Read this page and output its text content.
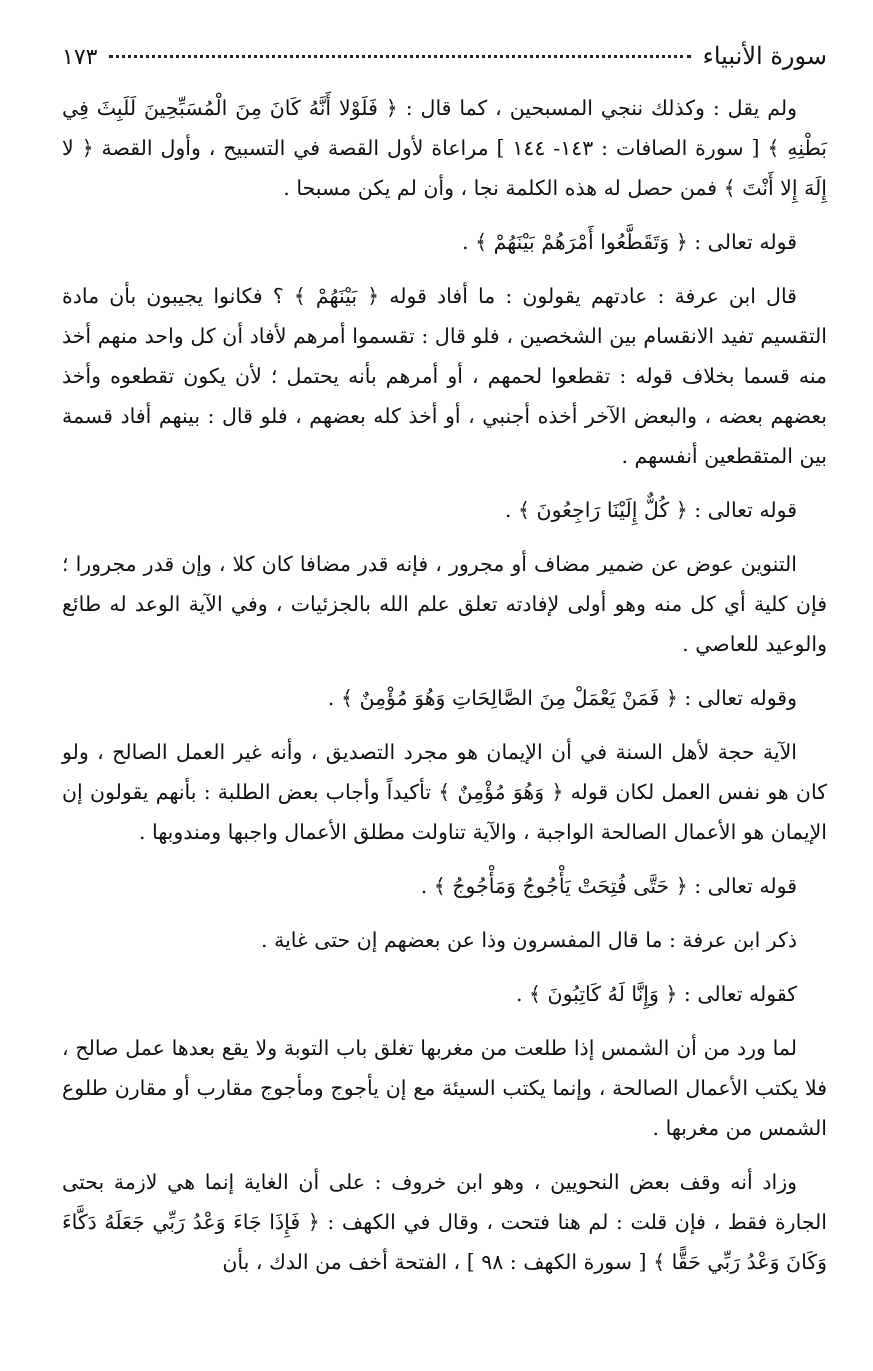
سورة الأنبياء
١٧٣

ولم يقل : وكذلك ننجي المسبحين ، كما قال : ﴿ فَلَوْلا أَنَّهُ كَانَ مِنَ الْمُسَبِّحِينَ لَلَبِثَ فِي بَطْنِهِ ﴾ [ سورة الصافات : ١٤٣- ١٤٤ ] مراعاة لأول القصة في التسبيح ، وأول القصة ﴿ لا إِلَهَ إِلا أَنْتَ ﴾ فمن حصل له هذه الكلمة نجا ، وأن لم يكن مسبحا .

قوله تعالى : ﴿ وَتَقَطَّعُوا أَمْرَهُمْ بَيْنَهُمْ ﴾ .

قال ابن عرفة : عادتهم يقولون : ما أفاد قوله ﴿ بَيْنَهُمْ ﴾ ؟ فكانوا يجيبون بأن مادة التقسيم تفيد الانقسام بين الشخصين ، فلو قال : تقسموا أمرهم لأفاد أن كل واحد منهم أخذ منه قسما بخلاف قوله : تقطعوا لحمهم ، أو أمرهم بأنه يحتمل ؛ لأن يكون تقطعوه وأخذ بعضهم بعضه ، والبعض الآخر أخذه أجنبي ، أو أخذ كله بعضهم ، فلو قال : بينهم أفاد قسمة بين المتقطعين أنفسهم .

قوله تعالى : ﴿ كُلٌّ إِلَيْنَا رَاجِعُونَ ﴾ .

التنوين عوض عن ضمير مضاف أو مجرور ، فإنه قدر مضافا كان كلا ، وإن قدر مجرورا ؛ فإن كلية أي كل منه وهو أولى لإفادته تعلق علم الله بالجزئيات ، وفي الآية الوعد له طائع والوعيد للعاصي .

وقوله تعالى : ﴿ فَمَنْ يَعْمَلْ مِنَ الصَّالِحَاتِ وَهُوَ مُؤْمِنٌ ﴾ .

الآية حجة لأهل السنة في أن الإيمان هو مجرد التصديق ، وأنه غير العمل الصالح ، ولو كان هو نفس العمل لكان قوله ﴿ وَهُوَ مُؤْمِنٌ ﴾ تأكيداً وأجاب بعض الطلبة : بأنهم يقولون إن الإيمان هو الأعمال الصالحة الواجبة ، والآية تناولت مطلق الأعمال واجبها ومندوبها .

قوله تعالى : ﴿ حَتَّى فُتِحَتْ يَأْجُوجُ وَمَأْجُوجُ ﴾ .

ذكر ابن عرفة : ما قال المفسرون وذا عن بعضهم إن حتى غاية .

كقوله تعالى : ﴿ وَإِنَّا لَهُ كَاتِبُونَ ﴾ .

لما ورد من أن الشمس إذا طلعت من مغربها تغلق باب التوبة ولا يقع بعدها عمل صالح ، فلا يكتب الأعمال الصالحة ، وإنما يكتب السيئة مع إن يأجوج ومأجوج مقارب أو مقارن طلوع الشمس من مغربها .

وزاد أنه وقف بعض النحويين ، وهو ابن خروف : على أن الغاية إنما هي لازمة بحتى الجارة فقط ، فإن قلت : لم هنا فتحت ، وقال في الكهف : ﴿ فَإِذَا جَاءَ وَعْدُ رَبِّي جَعَلَهُ دَكَّاءَ وَكَانَ وَعْدُ رَبِّي حَقًّا ﴾ [ سورة الكهف : ٩٨ ] ، الفتحة أخف من الدك ، بأن
